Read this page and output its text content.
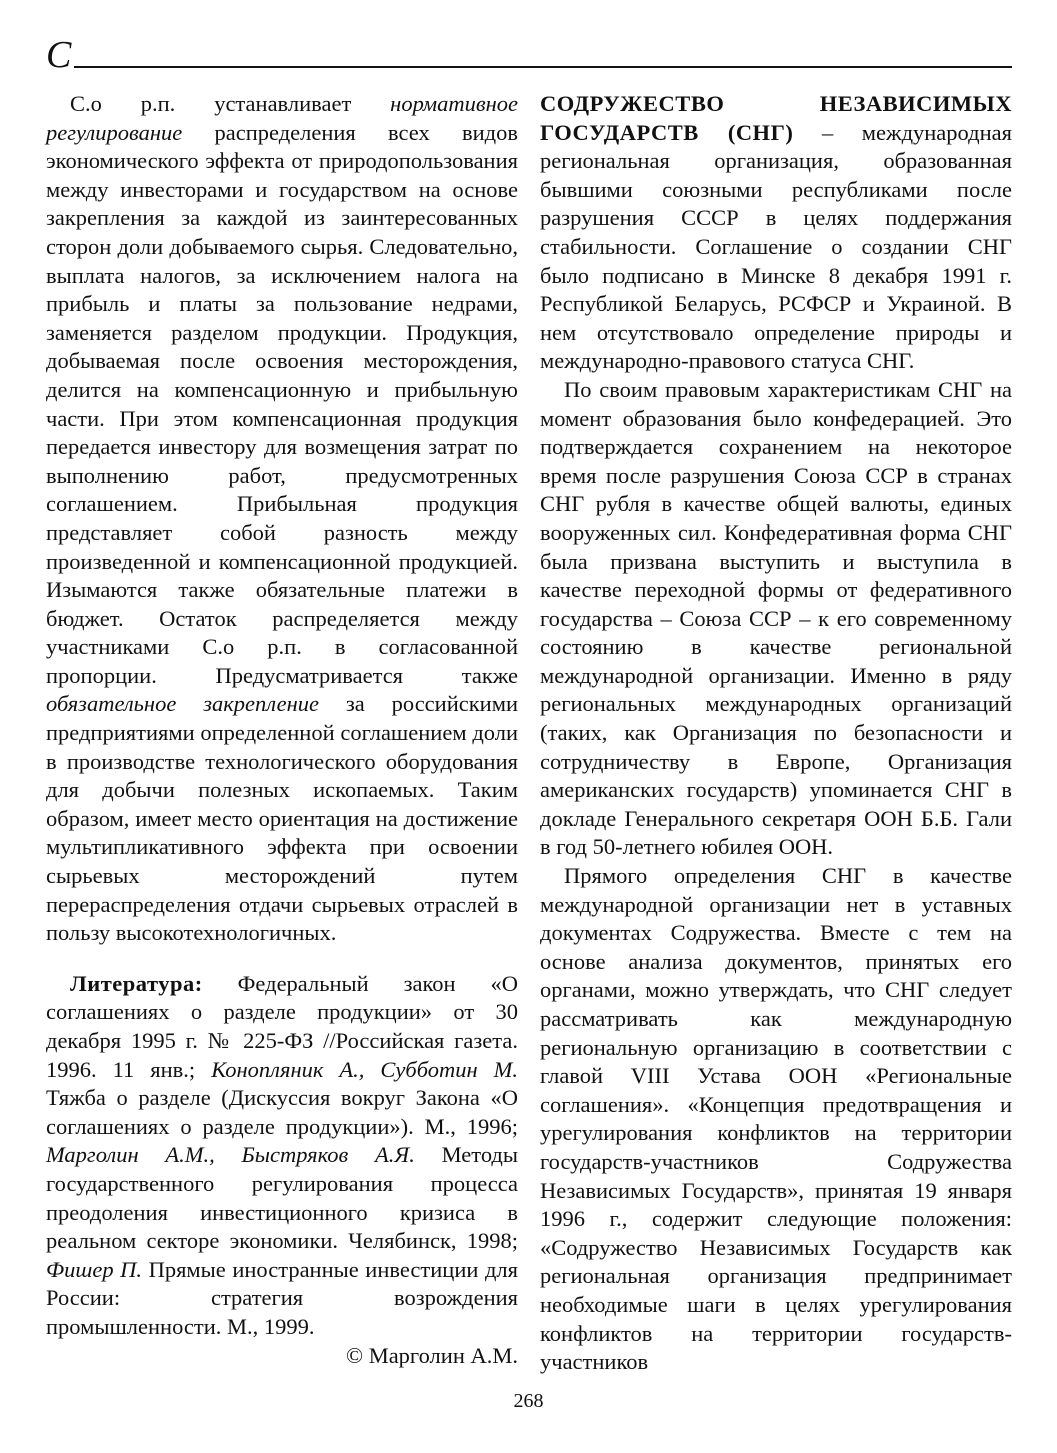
С

С.о р.п. устанавливает нормативное регулирование распределения всех видов экономического эффекта от природопользования между инвесторами и государством на основе закрепления за каждой из заинтересованных сторон доли добываемого сырья. Следовательно, выплата налогов, за исключением налога на прибыль и платы за пользование недрами, заменяется разделом продукции. Продукция, добываемая после освоения месторождения, делится на компенсационную и прибыльную части. При этом компенсационная продукция передается инвестору для возмещения затрат по выполнению работ, предусмотренных соглашением. Прибыльная продукция представляет собой разность между произведенной и компенсационной продукцией. Изымаются также обязательные платежи в бюджет. Остаток распределяется между участниками С.о р.п. в согласованной пропорции. Предусматривается также обязательное закрепление за российскими предприятиями определенной соглашением доли в производстве технологического оборудования для добычи полезных ископаемых. Таким образом, имеет место ориентация на достижение мультипликативного эффекта при освоении сырьевых месторождений путем перераспределения отдачи сырьевых отраслей в пользу высокотехнологичных.

Литература: Федеральный закон «О соглашениях о разделе продукции» от 30 декабря 1995 г. № 225-ФЗ //Российская газета. 1996. 11 янв.; Конопляник А., Субботин М. Тяжба о разделе (Дискуссия вокруг Закона «О соглашениях о разделе продукции»). М., 1996; Марголин А.М., Быстряков А.Я. Методы государственного регулирования процесса преодоления инвестиционного кризиса в реальном секторе экономики. Челябинск, 1998; Фишер П. Прямые иностранные инвестиции для России: стратегия возрождения промышленности. М., 1999.

© Марголин А.М.

СОДРУЖЕСТВО НЕЗАВИСИМЫХ ГОСУДАРСТВ (СНГ) – международная региональная организация, образованная бывшими союзными республиками после разрушения СССР в целях поддержания стабильности. Соглашение о создании СНГ было подписано в Минске 8 декабря 1991 г. Республикой Беларусь, РСФСР и Украиной. В нем отсутствовало определение природы и международно-правового статуса СНГ.

По своим правовым характеристикам СНГ на момент образования было конфедерацией. Это подтверждается сохранением на некоторое время после разрушения Союза ССР в странах СНГ рубля в качестве общей валюты, единых вооруженных сил. Конфедеративная форма СНГ была призвана выступить и выступила в качестве переходной формы от федеративного государства – Союза ССР – к его современному состоянию в качестве региональной международной организации. Именно в ряду региональных международных организаций (таких, как Организация по безопасности и сотрудничеству в Европе, Организация американских государств) упоминается СНГ в докладе Генерального секретаря ООН Б.Б. Гали в год 50-летнего юбилея ООН.

Прямого определения СНГ в качестве международной организации нет в уставных документах Содружества. Вместе с тем на основе анализа документов, принятых его органами, можно утверждать, что СНГ следует рассматривать как международную региональную организацию в соответствии с главой VIII Устава ООН «Региональные соглашения». «Концепция предотвращения и урегулирования конфликтов на территории государств-участников Содружества Независимых Государств», принятая 19 января 1996 г., содержит следующие положения: «Содружество Независимых Государств как региональная организация предпринимает необходимые шаги в целях урегулирования конфликтов на территории государств-участников

268
